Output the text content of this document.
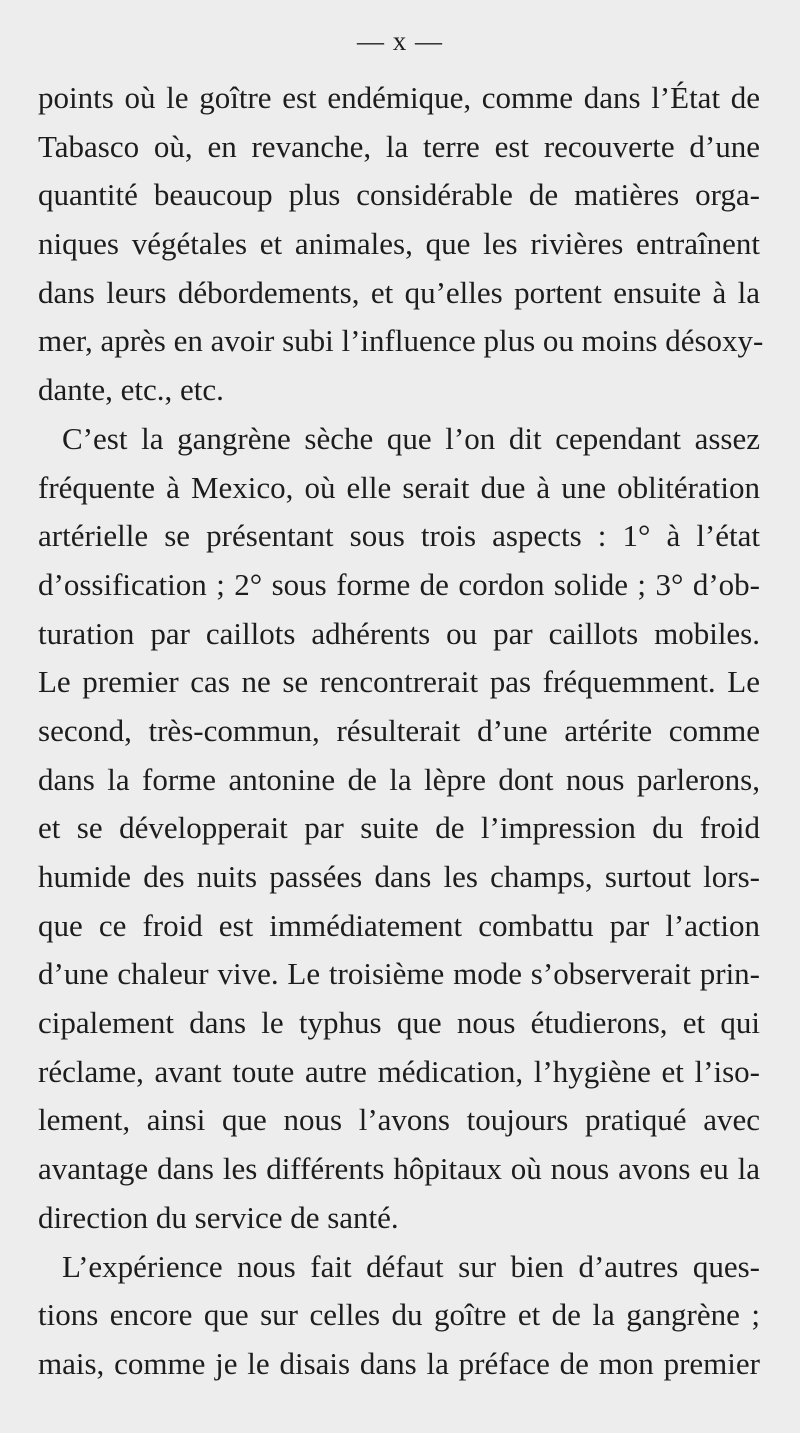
— x —
points où le goître est endémique, comme dans l’État de
Tabasco où, en revanche, la terre est recouverte d’une
quantité beaucoup plus considérable de matières orga-
niques végétales et animales, que les rivières entraînent
dans leurs débordements, et qu’elles portent ensuite à la
mer, après en avoir subi l’influence plus ou moins désoxy-
dante, etc., etc.
C’est la gangrène sèche que l’on dit cependant assez
fréquente à Mexico, où elle serait due à une oblitération
artérielle se présentant sous trois aspects : 1° à l’état
d’ossification ; 2° sous forme de cordon solide ; 3° d’ob-
turation par caillots adhérents ou par caillots mobiles.
Le premier cas ne se rencontrerait pas fréquemment. Le
second, très-commun, résulterait d’une artérite comme
dans la forme antonine de la lèpre dont nous parlerons,
et se développerait par suite de l’impression du froid
humide des nuits passées dans les champs, surtout lors-
que ce froid est immédiatement combattu par l’action
d’une chaleur vive. Le troisième mode s’observerait prin-
cipalement dans le typhus que nous étudierons, et qui
réclame, avant toute autre médication, l’hygiène et l’iso-
lement, ainsi que nous l’avons toujours pratiqué avec
avantage dans les différents hôpitaux où nous avons eu la
direction du service de santé.
L’expérience nous fait défaut sur bien d’autres ques-
tions encore que sur celles du goître et de la gangrène ;
mais, comme je le disais dans la préface de mon premier
